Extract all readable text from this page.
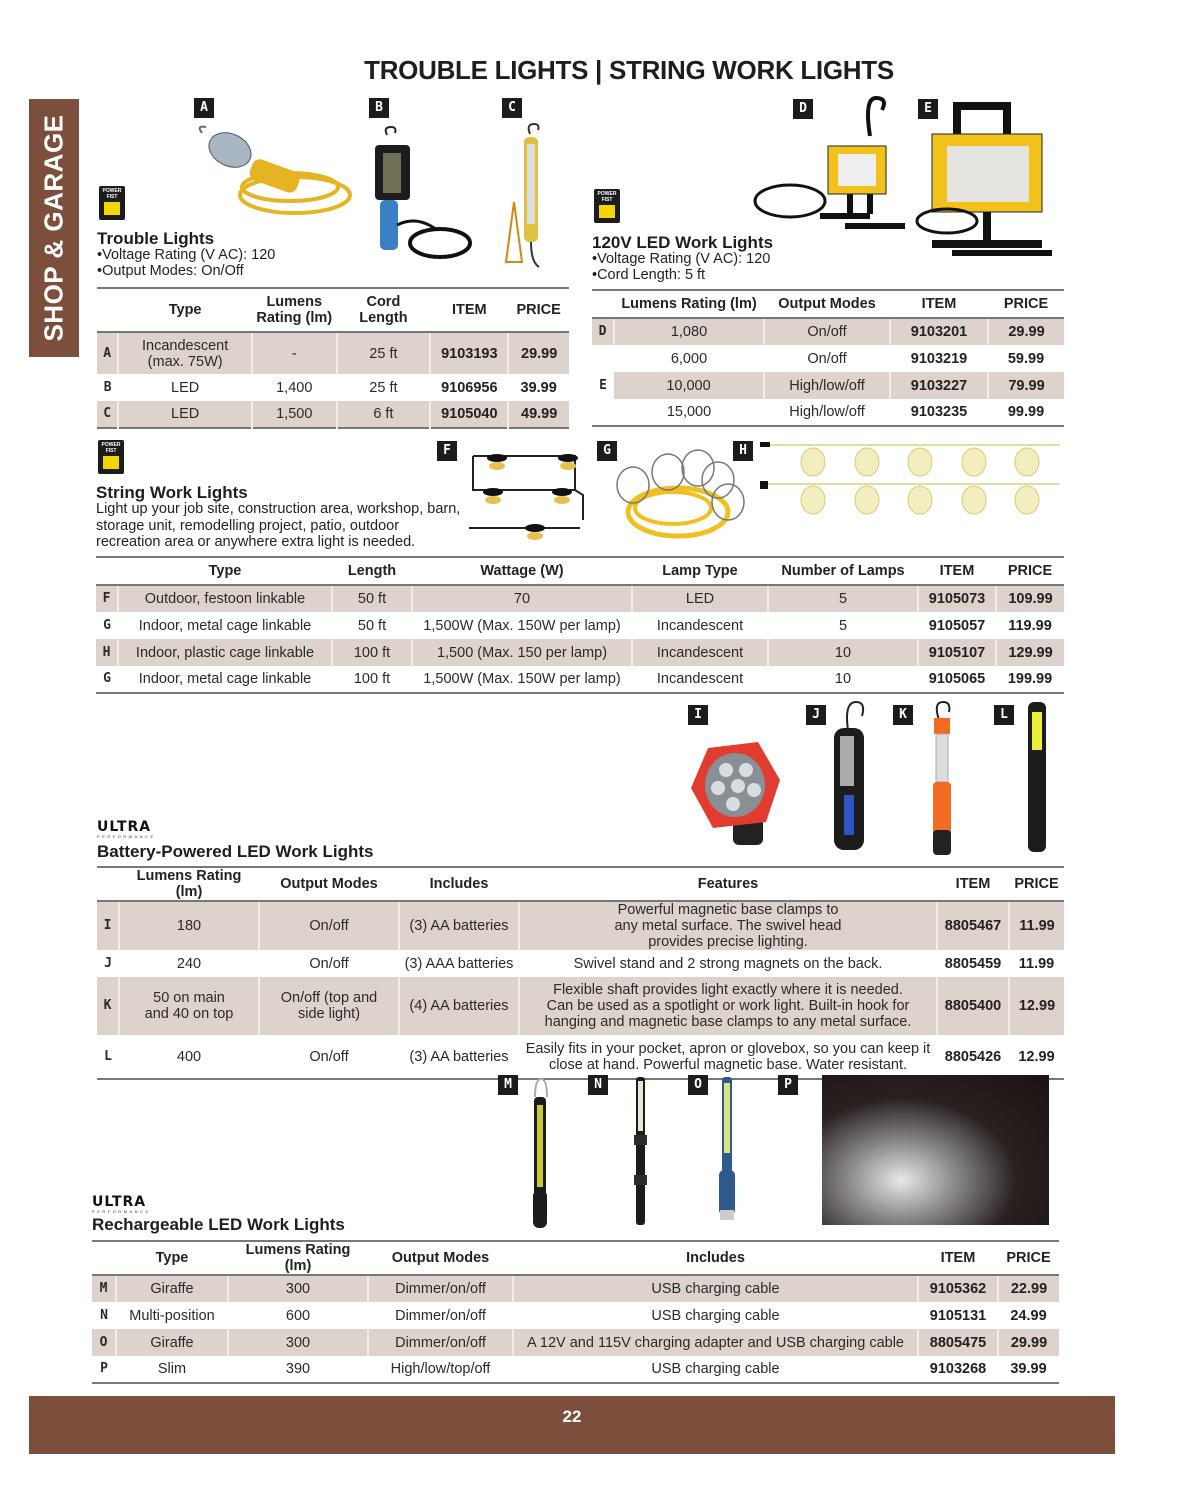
TROUBLE LIGHTS | STRING WORK LIGHTS
SHOP & GARAGE
A	B	C
POWER FIST
Trouble Lights
•Voltage Rating (V AC): 120
•Output Modes: On/Off
	Type	Lumens Rating (lm)	Cord Length	ITEM	PRICE
A	Incandescent (max. 75W)	-	25 ft	9103193	29.99
B	LED	1,400	25 ft	9106956	39.99
C	LED	1,500	6 ft	9105040	49.99
D	E
POWER FIST
120V LED Work Lights
•Voltage Rating (V AC): 120
•Cord Length: 5 ft
	Lumens Rating (lm)	Output Modes	ITEM	PRICE
D	1,080	On/off	9103201	29.99
	6,000	On/off	9103219	59.99
E	10,000	High/low/off	9103227	79.99
	15,000	High/low/off	9103235	99.99
POWER FIST
String Work Lights
Light up your job site, construction area, workshop, barn, storage unit, remodelling project, patio, outdoor recreation area or anywhere extra light is needed.
F	G	H
	Type	Length	Wattage (W)	Lamp Type	Number of Lamps	ITEM	PRICE
F	Outdoor, festoon linkable	50 ft	70	LED	5	9105073	109.99
G	Indoor, metal cage linkable	50 ft	1,500W (Max. 150W per lamp)	Incandescent	5	9105057	119.99
H	Indoor, plastic cage linkable	100 ft	1,500 (Max. 150 per lamp)	Incandescent	10	9105107	129.99
G	Indoor, metal cage linkable	100 ft	1,500W (Max. 150W per lamp)	Incandescent	10	9105065	199.99
I	J	K	L
ULTRA
PERFORMANCE
Battery-Powered LED Work Lights
	Lumens Rating (lm)	Output Modes	Includes	Features	ITEM	PRICE
I	180	On/off	(3) AA batteries	Powerful magnetic base clamps to any metal surface. The swivel head provides precise lighting.	8805467	11.99
J	240	On/off	(3) AAA batteries	Swivel stand and 2 strong magnets on the back.	8805459	11.99
K	50 on main and 40 on top	On/off (top and side light)	(4) AA batteries	Flexible shaft provides light exactly where it is needed. Can be used as a spotlight or work light. Built-in hook for hanging and magnetic base clamps to any metal surface.	8805400	12.99
L	400	On/off	(3) AA batteries	Easily fits in your pocket, apron or glovebox, so you can keep it close at hand. Powerful magnetic base. Water resistant.	8805426	12.99
M	N	O	P
ULTRA
PERFORMANCE
Rechargeable LED Work Lights
	Type	Lumens Rating (lm)	Output Modes	Includes	ITEM	PRICE
M	Giraffe	300	Dimmer/on/off	USB charging cable	9105362	22.99
N	Multi-position	600	Dimmer/on/off	USB charging cable	9105131	24.99
O	Giraffe	300	Dimmer/on/off	A 12V and 115V charging adapter and USB charging cable	8805475	29.99
P	Slim	390	High/low/top/off	USB charging cable	9103268	39.99
22
